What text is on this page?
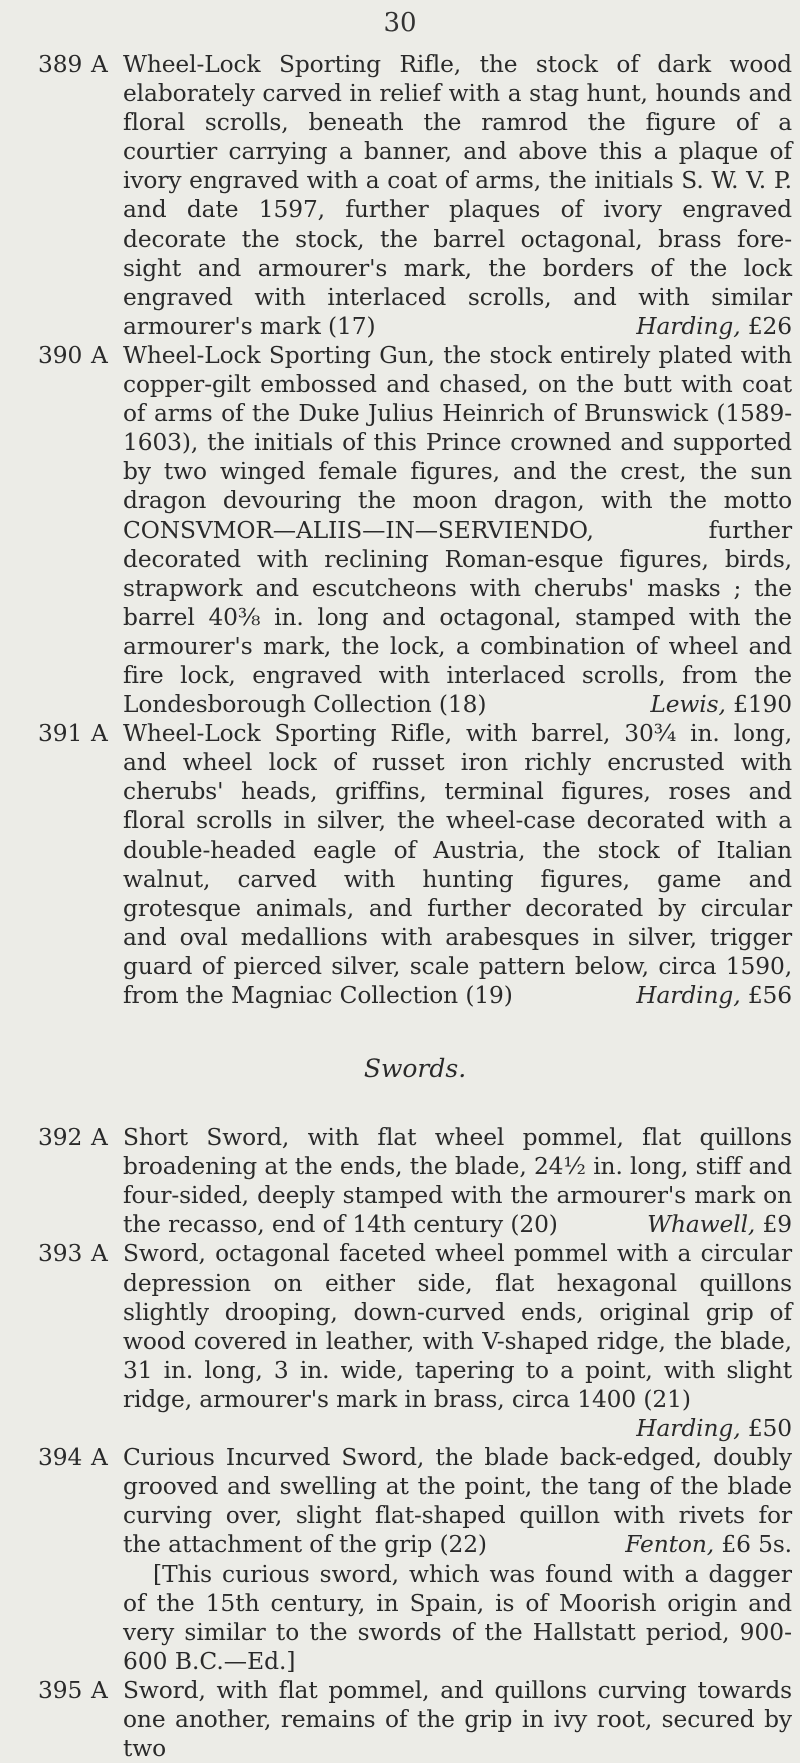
30
389 A Wheel-Lock Sporting Rifle, the stock of dark wood elaborately carved in relief with a stag hunt, hounds and floral scrolls, beneath the ramrod the figure of a courtier carrying a banner, and above this a plaque of ivory engraved with a coat of arms, the initials S. W. V. P. and date 1597, further plaques of ivory engraved decorate the stock, the barrel octagonal, brass fore-sight and armourer's mark, the borders of the lock engraved with interlaced scrolls, and with similar armourer's mark (17)	Harding, £26
390 A Wheel-Lock Sporting Gun, the stock entirely plated with copper-gilt embossed and chased, on the butt with coat of arms of the Duke Julius Heinrich of Brunswick (1589-1603), the initials of this Prince crowned and supported by two winged female figures, and the crest, the sun dragon devouring the moon dragon, with the motto CONSVMOR—ALIIS—IN—SERVIENDO, further decorated with reclining Roman-esque figures, birds, strapwork and escutcheons with cherubs' masks ; the barrel 40⅜ in. long and octagonal, stamped with the armourer's mark, the lock, a combination of wheel and fire lock, engraved with interlaced scrolls, from the Londesborough Collection (18)	Lewis, £190
391 A Wheel-Lock Sporting Rifle, with barrel, 30¾ in. long, and wheel lock of russet iron richly encrusted with cherubs' heads, griffins, terminal figures, roses and floral scrolls in silver, the wheel-case decorated with a double-headed eagle of Austria, the stock of Italian walnut, carved with hunting figures, game and grotesque animals, and further decorated by circular and oval medallions with arabesques in silver, trigger guard of pierced silver, scale pattern below, circa 1590, from the Magniac Collection (19)	Harding, £56
Swords.
392 A Short Sword, with flat wheel pommel, flat quillons broadening at the ends, the blade, 24½ in. long, stiff and four-sided, deeply stamped with the armourer's mark on the recasso, end of 14th century (20)	Whawell, £9
393 A Sword, octagonal faceted wheel pommel with a circular depression on either side, flat hexagonal quillons slightly drooping, down-curved ends, original grip of wood covered in leather, with V-shaped ridge, the blade, 31 in. long, 3 in. wide, tapering to a point, with slight ridge, armourer's mark in brass, circa 1400 (21)
Harding, £50
394 A Curious Incurved Sword, the blade back-edged, doubly grooved and swelling at the point, the tang of the blade curving over, slight flat-shaped quillon with rivets for the attachment of the grip (22)	Fenton, £6 5s.
[This curious sword, which was found with a dagger of the 15th century, in Spain, is of Moorish origin and very similar to the swords of the Hallstatt period, 900-600 B.C.—Ed.]
395 A Sword, with flat pommel, and quillons curving towards one another, remains of the grip in ivy root, secured by two
